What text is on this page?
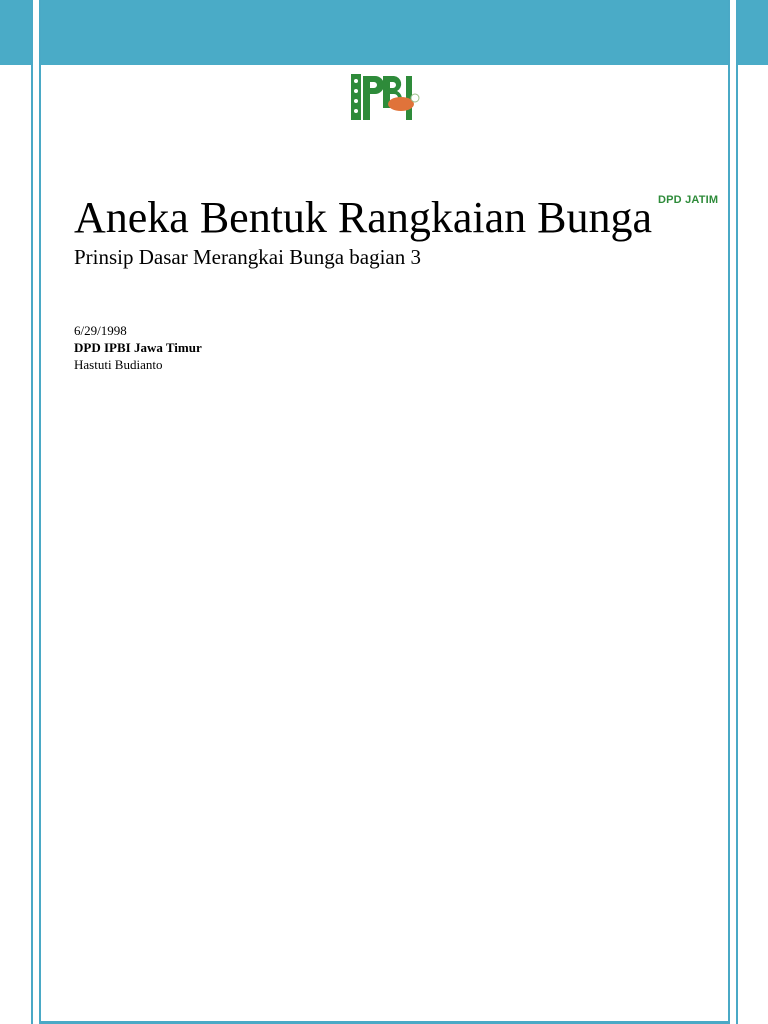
DPD JATIM
Aneka Bentuk Rangkaian Bunga
Prinsip Dasar Merangkai Bunga bagian 3
6/29/1998
DPD IPBI Jawa Timur
Hastuti Budianto
